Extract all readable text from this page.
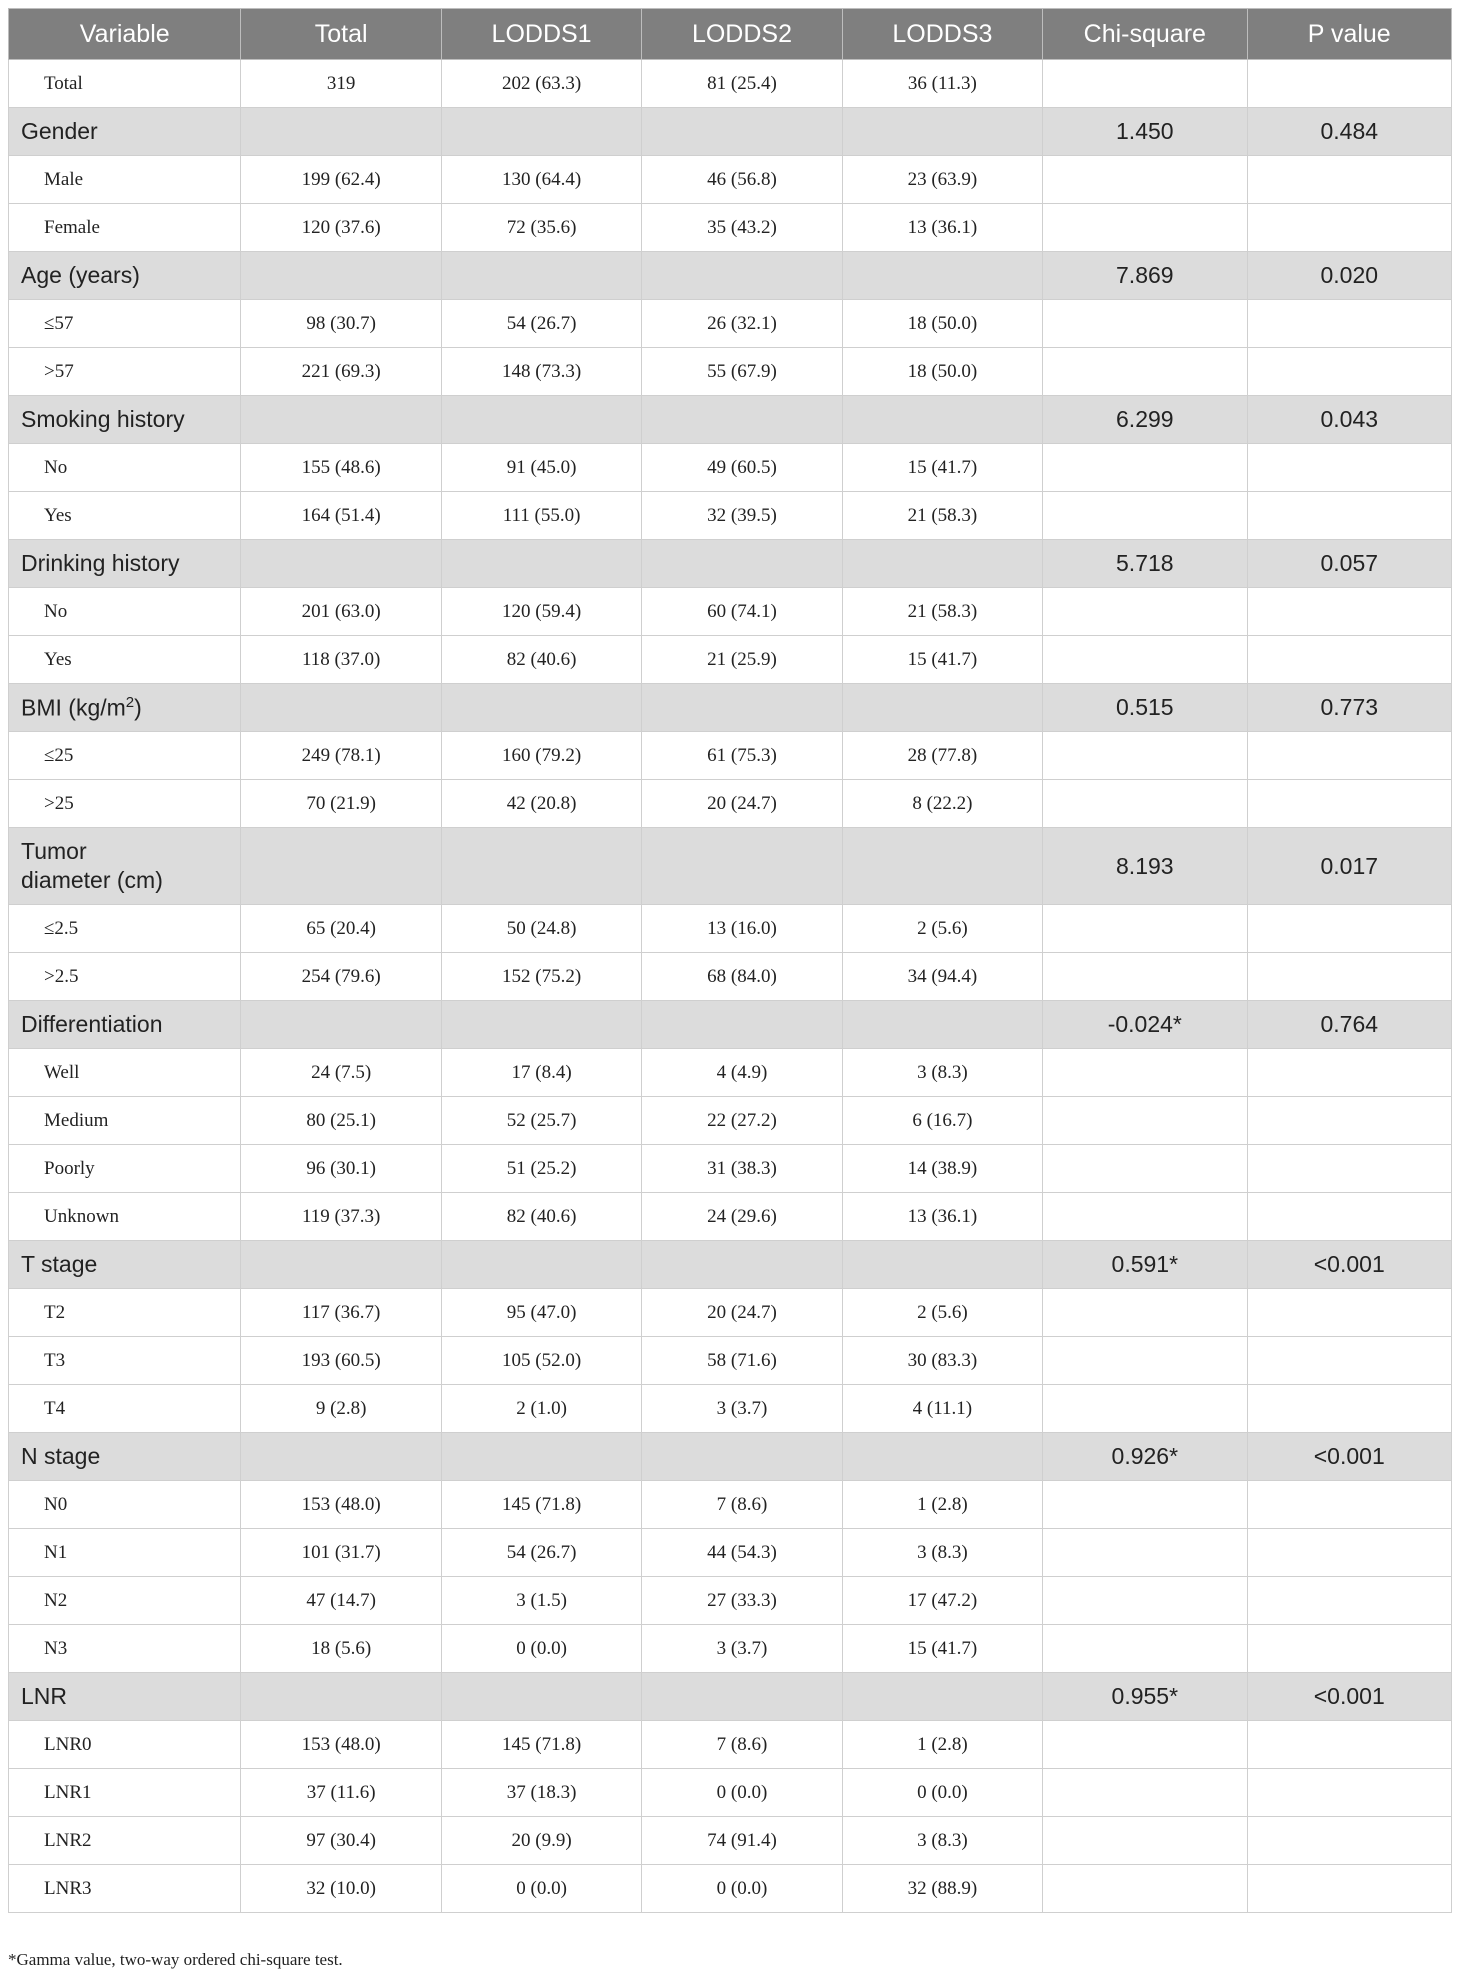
Variable	Total	LODDS1	LODDS2	LODDS3	Chi-square	P value
Total	319	202 (63.3)	81 (25.4)	36 (11.3)		
Gender					1.450	0.484
Male	199 (62.4)	130 (64.4)	46 (56.8)	23 (63.9)		
Female	120 (37.6)	72 (35.6)	35 (43.2)	13 (36.1)		
Age (years)					7.869	0.020
≤57	98 (30.7)	54 (26.7)	26 (32.1)	18 (50.0)		
>57	221 (69.3)	148 (73.3)	55 (67.9)	18 (50.0)		
Smoking history					6.299	0.043
No	155 (48.6)	91 (45.0)	49 (60.5)	15 (41.7)		
Yes	164 (51.4)	111 (55.0)	32 (39.5)	21 (58.3)		
Drinking history					5.718	0.057
No	201 (63.0)	120 (59.4)	60 (74.1)	21 (58.3)		
Yes	118 (37.0)	82 (40.6)	21 (25.9)	15 (41.7)		
BMI $(kg/m^2)$					0.515	0.773
≤25	249 (78.1)	160 (79.2)	61 (75.3)	28 (77.8)		
>25	70 (21.9)	42 (20.8)	20 (24.7)	8 (22.2)		
Tumor
diameter (cm)					8.193	0.017
≤2.5	65 (20.4)	50 (24.8)	13 (16.0)	2 (5.6)		
>2.5	254 (79.6)	152 (75.2)	68 (84.0)	34 (94.4)		
Differentiation					-0.024*	0.764
Well	24 (7.5)	17 (8.4)	4 (4.9)	3 (8.3)		
Medium	80 (25.1)	52 (25.7)	22 (27.2)	6 (16.7)		
Poorly	96 (30.1)	51 (25.2)	31 (38.3)	14 (38.9)		
Unknown	119 (37.3)	82 (40.6)	24 (29.6)	13 (36.1)		
T stage					0.591*	<0.001
T2	117 (36.7)	95 (47.0)	20 (24.7)	2 (5.6)		
T3	193 (60.5)	105 (52.0)	58 (71.6)	30 (83.3)		
T4	9 (2.8)	2 (1.0)	3 (3.7)	4 (11.1)		
N stage					0.926*	<0.001
N0	153 (48.0)	145 (71.8)	7 (8.6)	1 (2.8)		
N1	101 (31.7)	54 (26.7)	44 (54.3)	3 (8.3)		
N2	47 (14.7)	3 (1.5)	27 (33.3)	17 (47.2)		
N3	18 (5.6)	0 (0.0)	3 (3.7)	15 (41.7)		
LNR					0.955*	<0.001
LNR0	153 (48.0)	145 (71.8)	7 (8.6)	1 (2.8)		
LNR1	37 (11.6)	37 (18.3)	0 (0.0)	0 (0.0)		
LNR2	97 (30.4)	20 (9.9)	74 (91.4)	3 (8.3)		
LNR3	32 (10.0)	0 (0.0)	0 (0.0)	32 (88.9)		
*Gamma value, two-way ordered chi-square test.
